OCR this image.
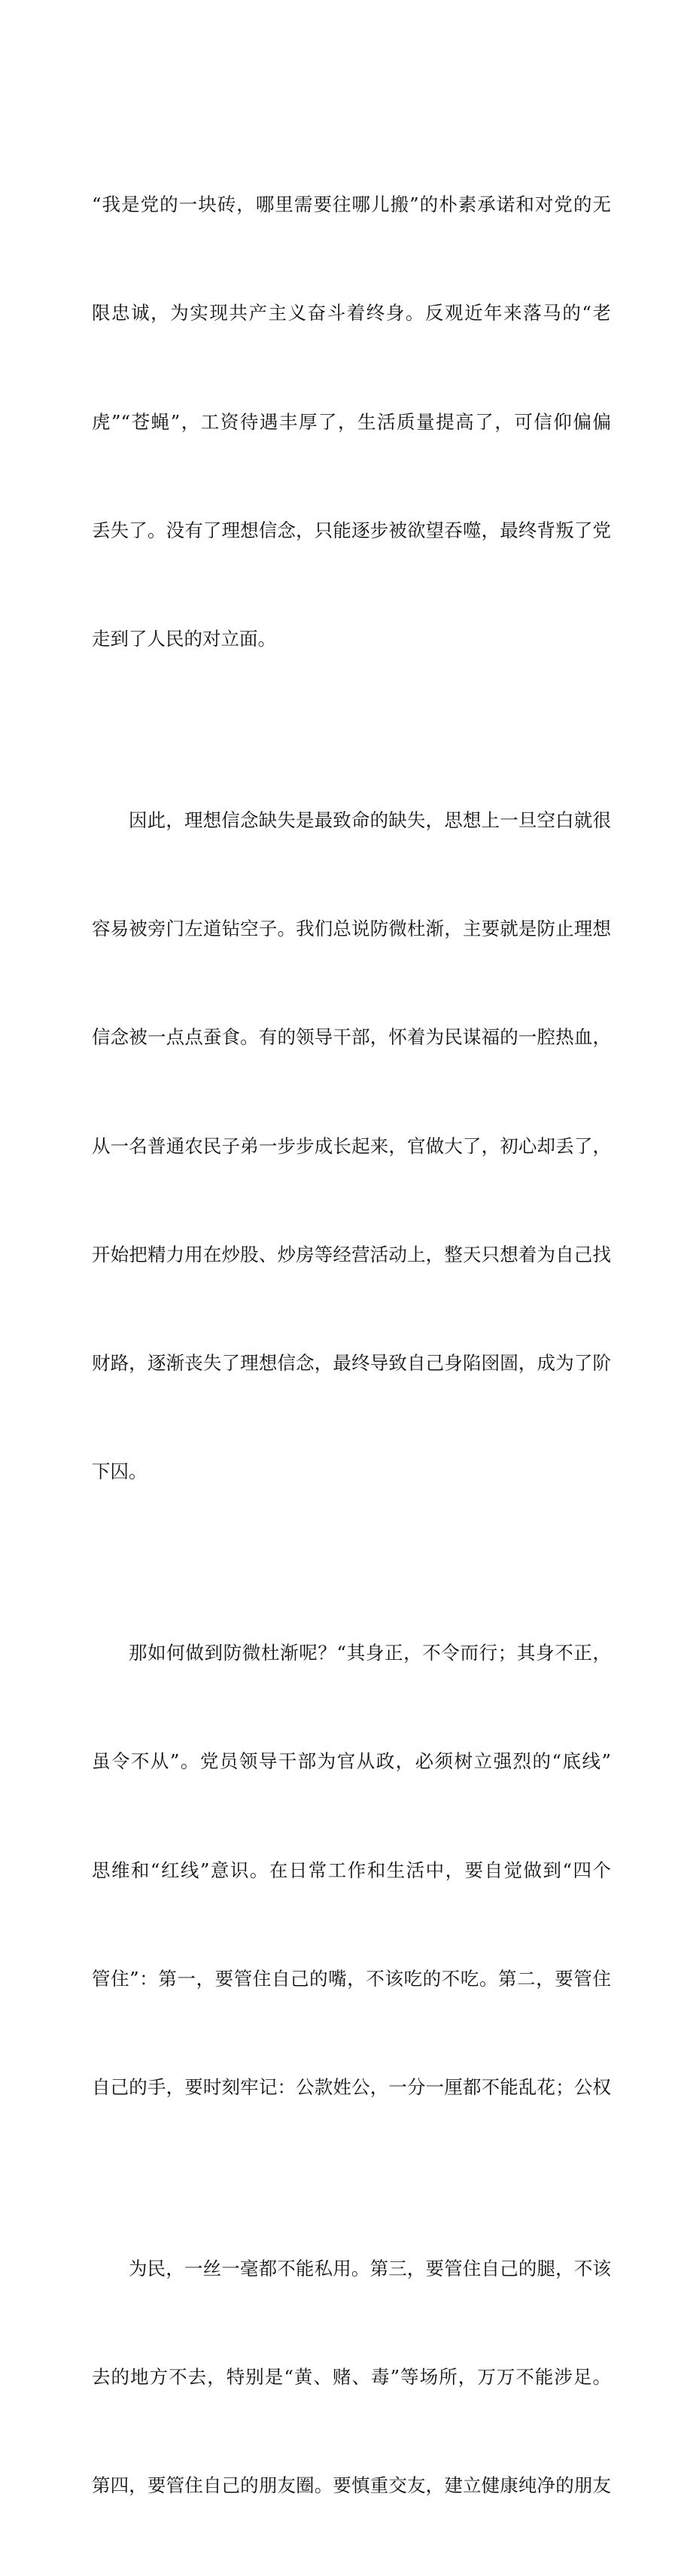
“我是党的一块砖，哪里需要往哪儿搬”的朴素承诺和对党的无

限忠诚，为实现共产主义奋斗着终身。反观近年来落马的“老

虎”“苍蝇”，工资待遇丰厚了，生活质量提高了，可信仰偏偏

丢失了。没有了理想信念，只能逐步被欲望吞噬，最终背叛了党

走到了人民的对立面。

因此，理想信念缺失是最致命的缺失，思想上一旦空白就很

容易被旁门左道钻空子。我们总说防微杜渐，主要就是防止理想

信念被一点点蚕食。有的领导干部，怀着为民谋福的一腔热血，

从一名普通农民子弟一步步成长起来，官做大了，初心却丢了，

开始把精力用在炒股、炒房等经营活动上，整天只想着为自己找

财路，逐渐丧失了理想信念，最终导致自己身陷囹圄，成为了阶

下囚。

那如何做到防微杜渐呢？“其身正，不令而行；其身不正，

虽令不从”。党员领导干部为官从政，必须树立强烈的“底线”

思维和“红线”意识。在日常工作和生活中，要自觉做到“四个

管住”：第一，要管住自己的嘴，不该吃的不吃。第二，要管住

自己的手，要时刻牢记：公款姓公，一分一厘都不能乱花；公权

为民，一丝一毫都不能私用。第三，要管住自己的腿，不该

去的地方不去，特别是“黄、赌、毒”等场所，万万不能涉足。

第四，要管住自己的朋友圈。要慎重交友，建立健康纯净的朋友
